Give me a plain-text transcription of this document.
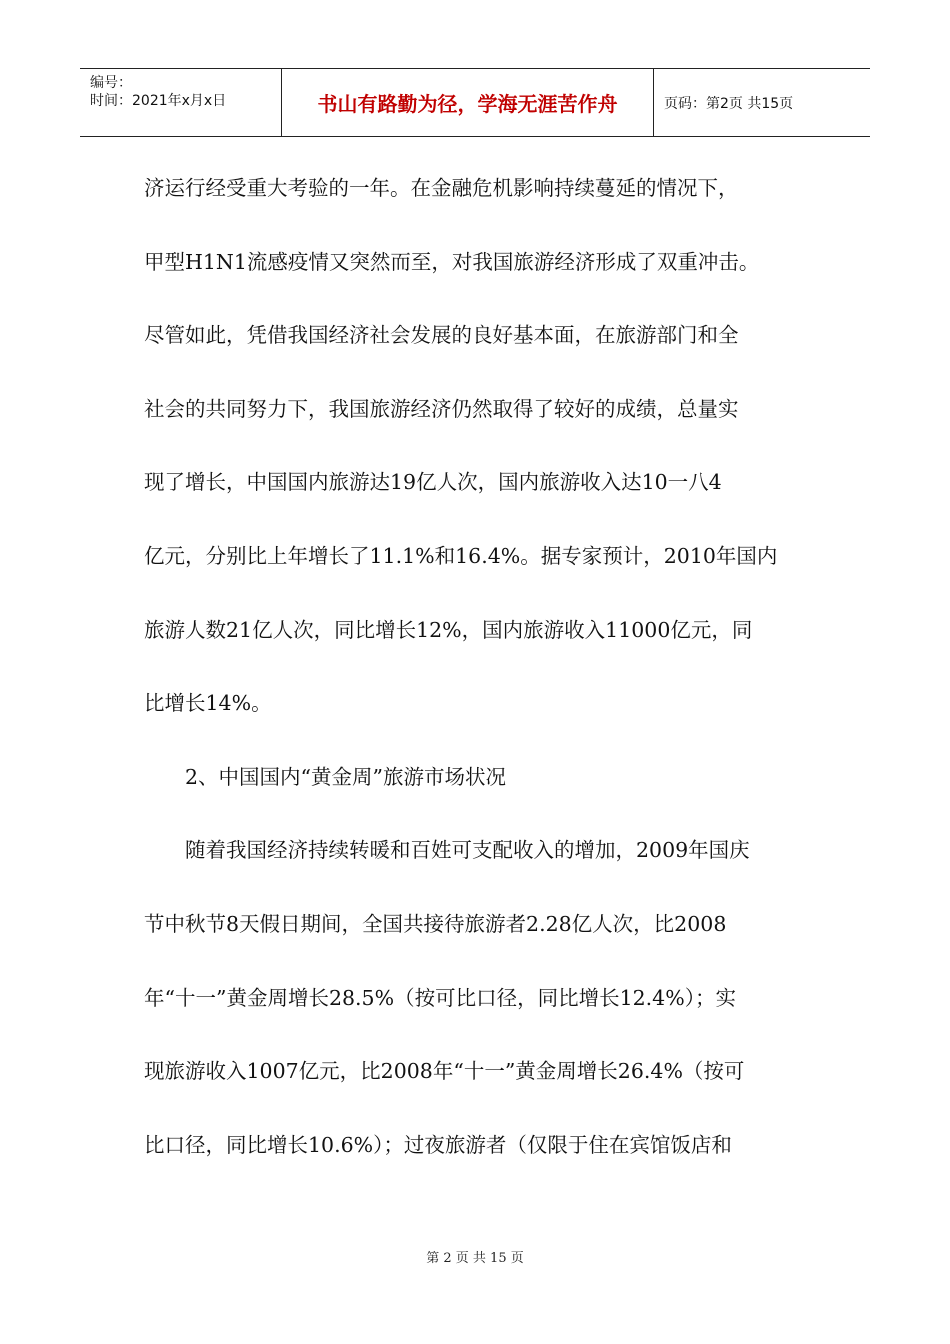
编号：
时间：2021年x月x日	书山有路勤为径，学海无涯苦作舟	页码：第2页 共15页

济运行经受重大考验的一年。在金融危机影响持续蔓延的情况下，

甲型H1N1流感疫情又突然而至，对我国旅游经济形成了双重冲击。

尽管如此，凭借我国经济社会发展的良好基本面，在旅游部门和全

社会的共同努力下，我国旅游经济仍然取得了较好的成绩，总量实

现了增长，中国国内旅游达19亿人次，国内旅游收入达10一八4

亿元，分别比上年增长了11.1%和16.4%。据专家预计，2010年国内

旅游人数21亿人次，同比增长12%，国内旅游收入11000亿元，同

比增长14%。

2、中国国内“黄金周”旅游市场状况

随着我国经济持续转暖和百姓可支配收入的增加，2009年国庆

节中秋节8天假日期间，全国共接待旅游者2.28亿人次，比2008

年“十一”黄金周增长28.5%（按可比口径，同比增长12.4%）；实

现旅游收入1007亿元，比2008年“十一”黄金周增长26.4%（按可

比口径，同比增长10.6%）；过夜旅游者（仅限于住在宾馆饭店和

第 2 页 共 15 页
